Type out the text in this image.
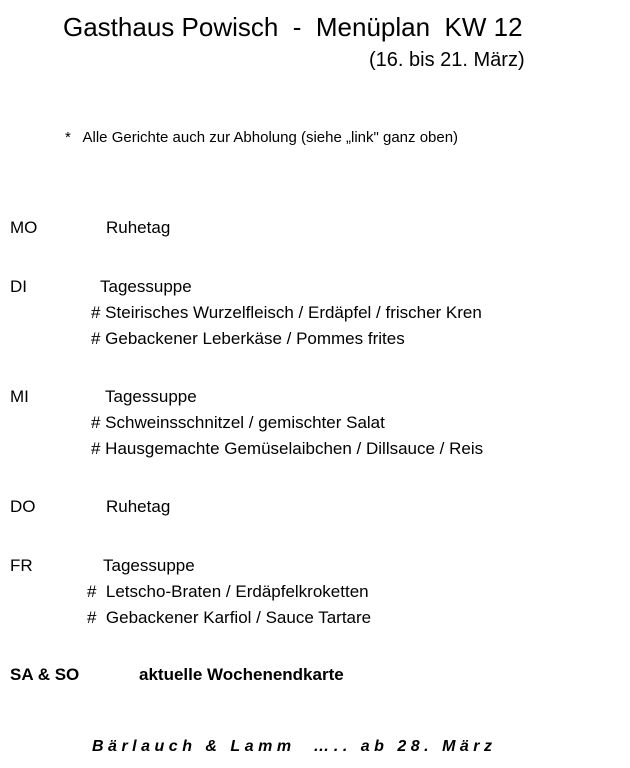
Gasthaus Powisch  -  Menüplan  KW 12
(16. bis 21. März)
*   Alle Gerichte auch zur Abholung (siehe „link" ganz oben)
MO	Ruhetag
DI	Tagessuppe
# Steirisches Wurzelfleisch / Erdäpfel / frischer Kren
# Gebackener Leberkäse / Pommes frites
MI	Tagessuppe
# Schweinsschnitzel / gemischter Salat
# Hausgemachte Gemüselaibchen / Dillsauce / Reis
DO	Ruhetag
FR	Tagessuppe
#  Letscho-Braten / Erdäpfelkroketten
#  Gebackener Karfiol / Sauce Tartare
SA & SO	aktuelle Wochenendkarte
Bärlauch & Lamm  ….. ab 28. März
